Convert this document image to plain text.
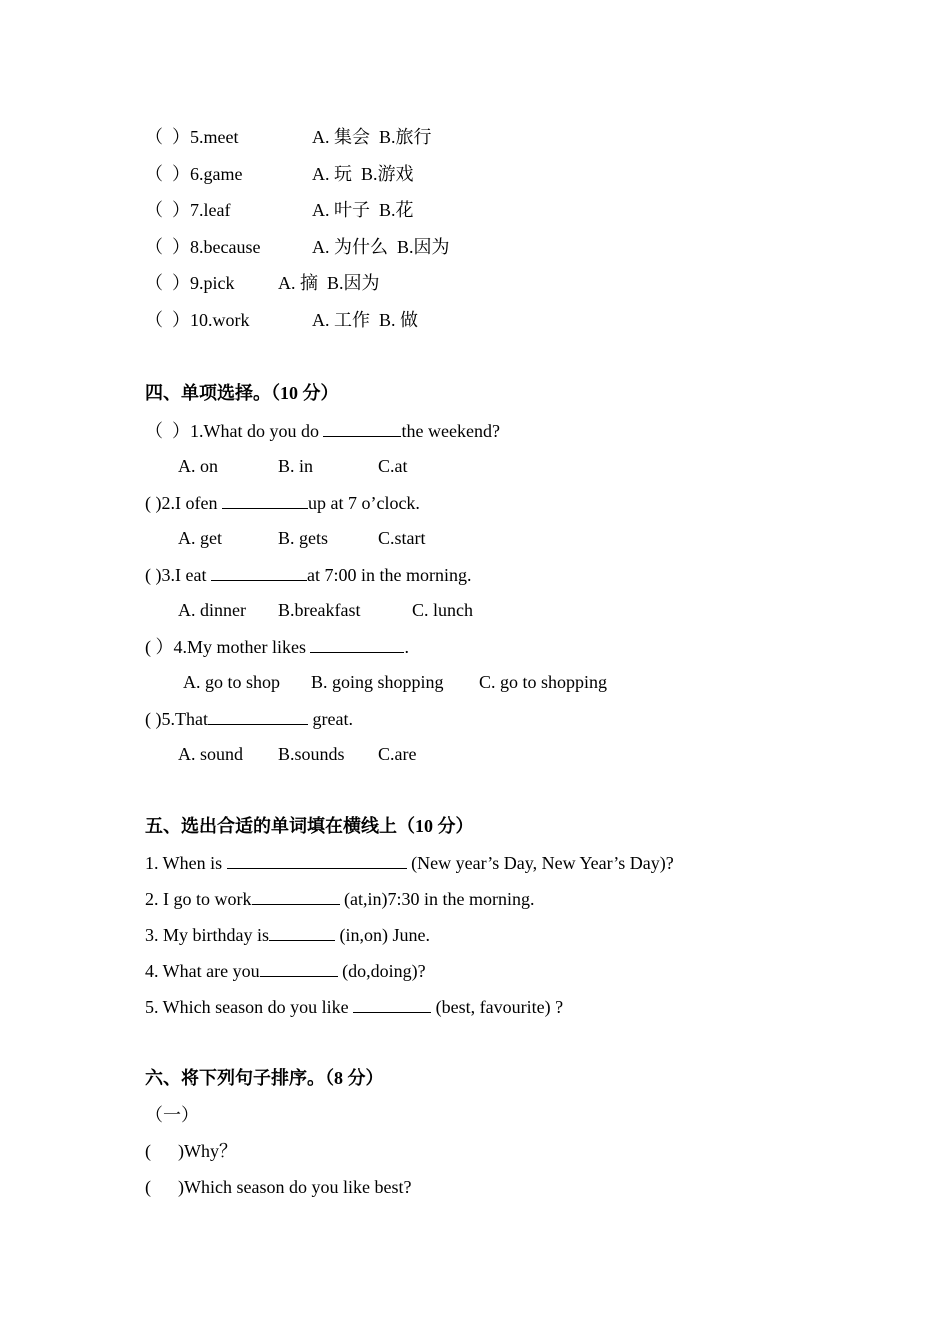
（  ）5.meet	A. 集会  B.旅行
（  ）6.game	A. 玩  B.游戏
（  ）7.leaf	A. 叶子  B.花
（  ）8.because	A. 为什么  B.因为
（  ）9.pick A. 摘  B.因为
（  ）10.work	A. 工作  B. 做
四、单项选择。（10 分）
（  ）1.What do you do	the weekend?
A. on	B. in	C.at
( )2.I ofen	up at 7 o’clock.
A. get	B. gets	C.start
( )3.I eat	at 7:00 in the morning.
A. dinner B.breakfast	C. lunch
( ）4.My mother likes	.
A. go to shop B. going shopping C. go to shopping
( )5.That	great.
A. sound B.sounds C.are
五、选出合适的单词填在横线上（10 分）
1. When is	(New year’s Day, New Year’s Day)?
2. I go to work	(at,in)7:30 in the morning.
3. My birthday is	(in,on) June.
4. What are you	(do,doing)?
5. Which season do you like	(best, favourite) ?
六、将下列句子排序。（8 分）
（一）
(      )Why？
(      )Which season do you like best?
